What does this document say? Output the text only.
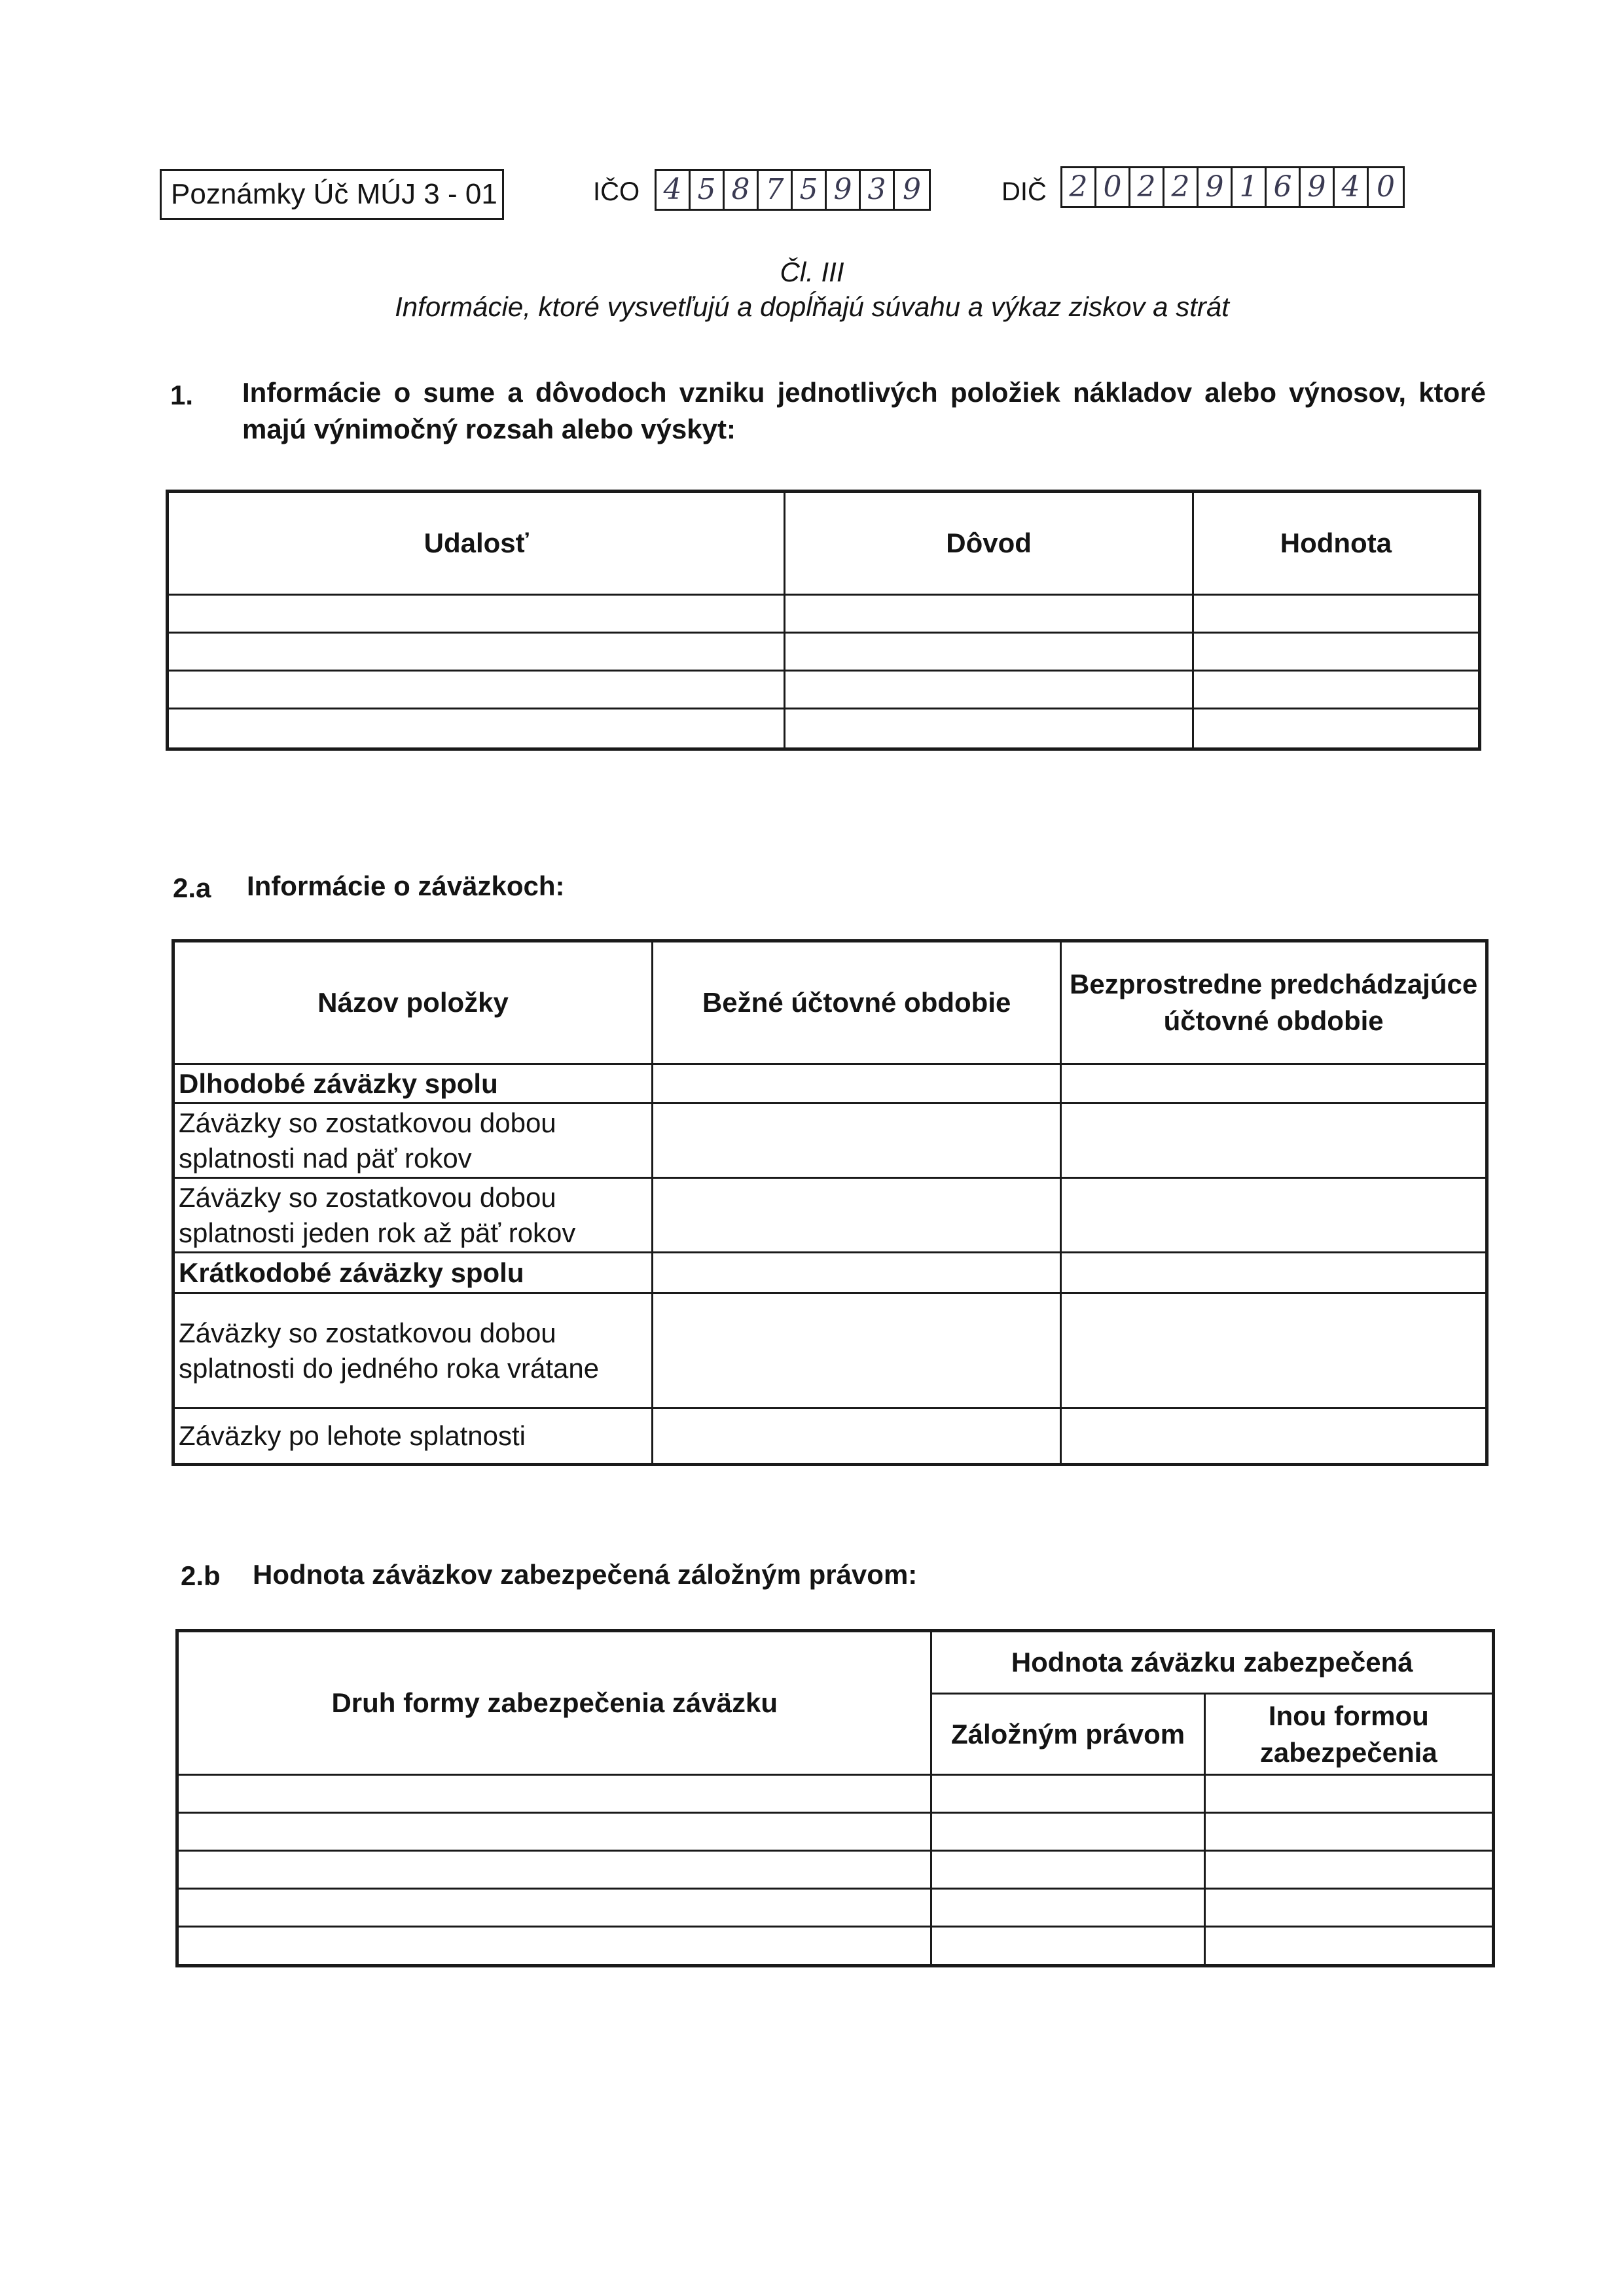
Poznámky Úč MÚJ 3 - 01	IČO 4 5 8 7 5 9 3 9	DIČ 2 0 2 2 9 1 6 9 4 0
Čl. III
Informácie, ktoré vysvetľujú a dopĺňajú súvahu a výkaz ziskov a strát
1. Informácie o sume a dôvodoch vzniku jednotlivých položiek nákladov alebo výnosov, ktoré majú výnimočný rozsah alebo výskyt:
Udalosť	Dôvod	Hodnota

2.a Informácie o záväzkoch:
Názov položky	Bežné účtovné obdobie	Bezprostredne predchádzajúce účtovné obdobie
Dlhodobé záväzky spolu		
Záväzky so zostatkovou dobou splatnosti nad päť rokov		
Záväzky so zostatkovou dobou splatnosti jeden rok až päť rokov		
Krátkodobé záväzky spolu		
Záväzky so zostatkovou dobou splatnosti do jedného roka vrátane		
Záväzky po lehote splatnosti		
2.b Hodnota záväzkov zabezpečená záložným právom:
Druh formy zabezpečenia záväzku	Hodnota záväzku zabezpečená	
	Záložným právom	Inou formou zabezpečenia
